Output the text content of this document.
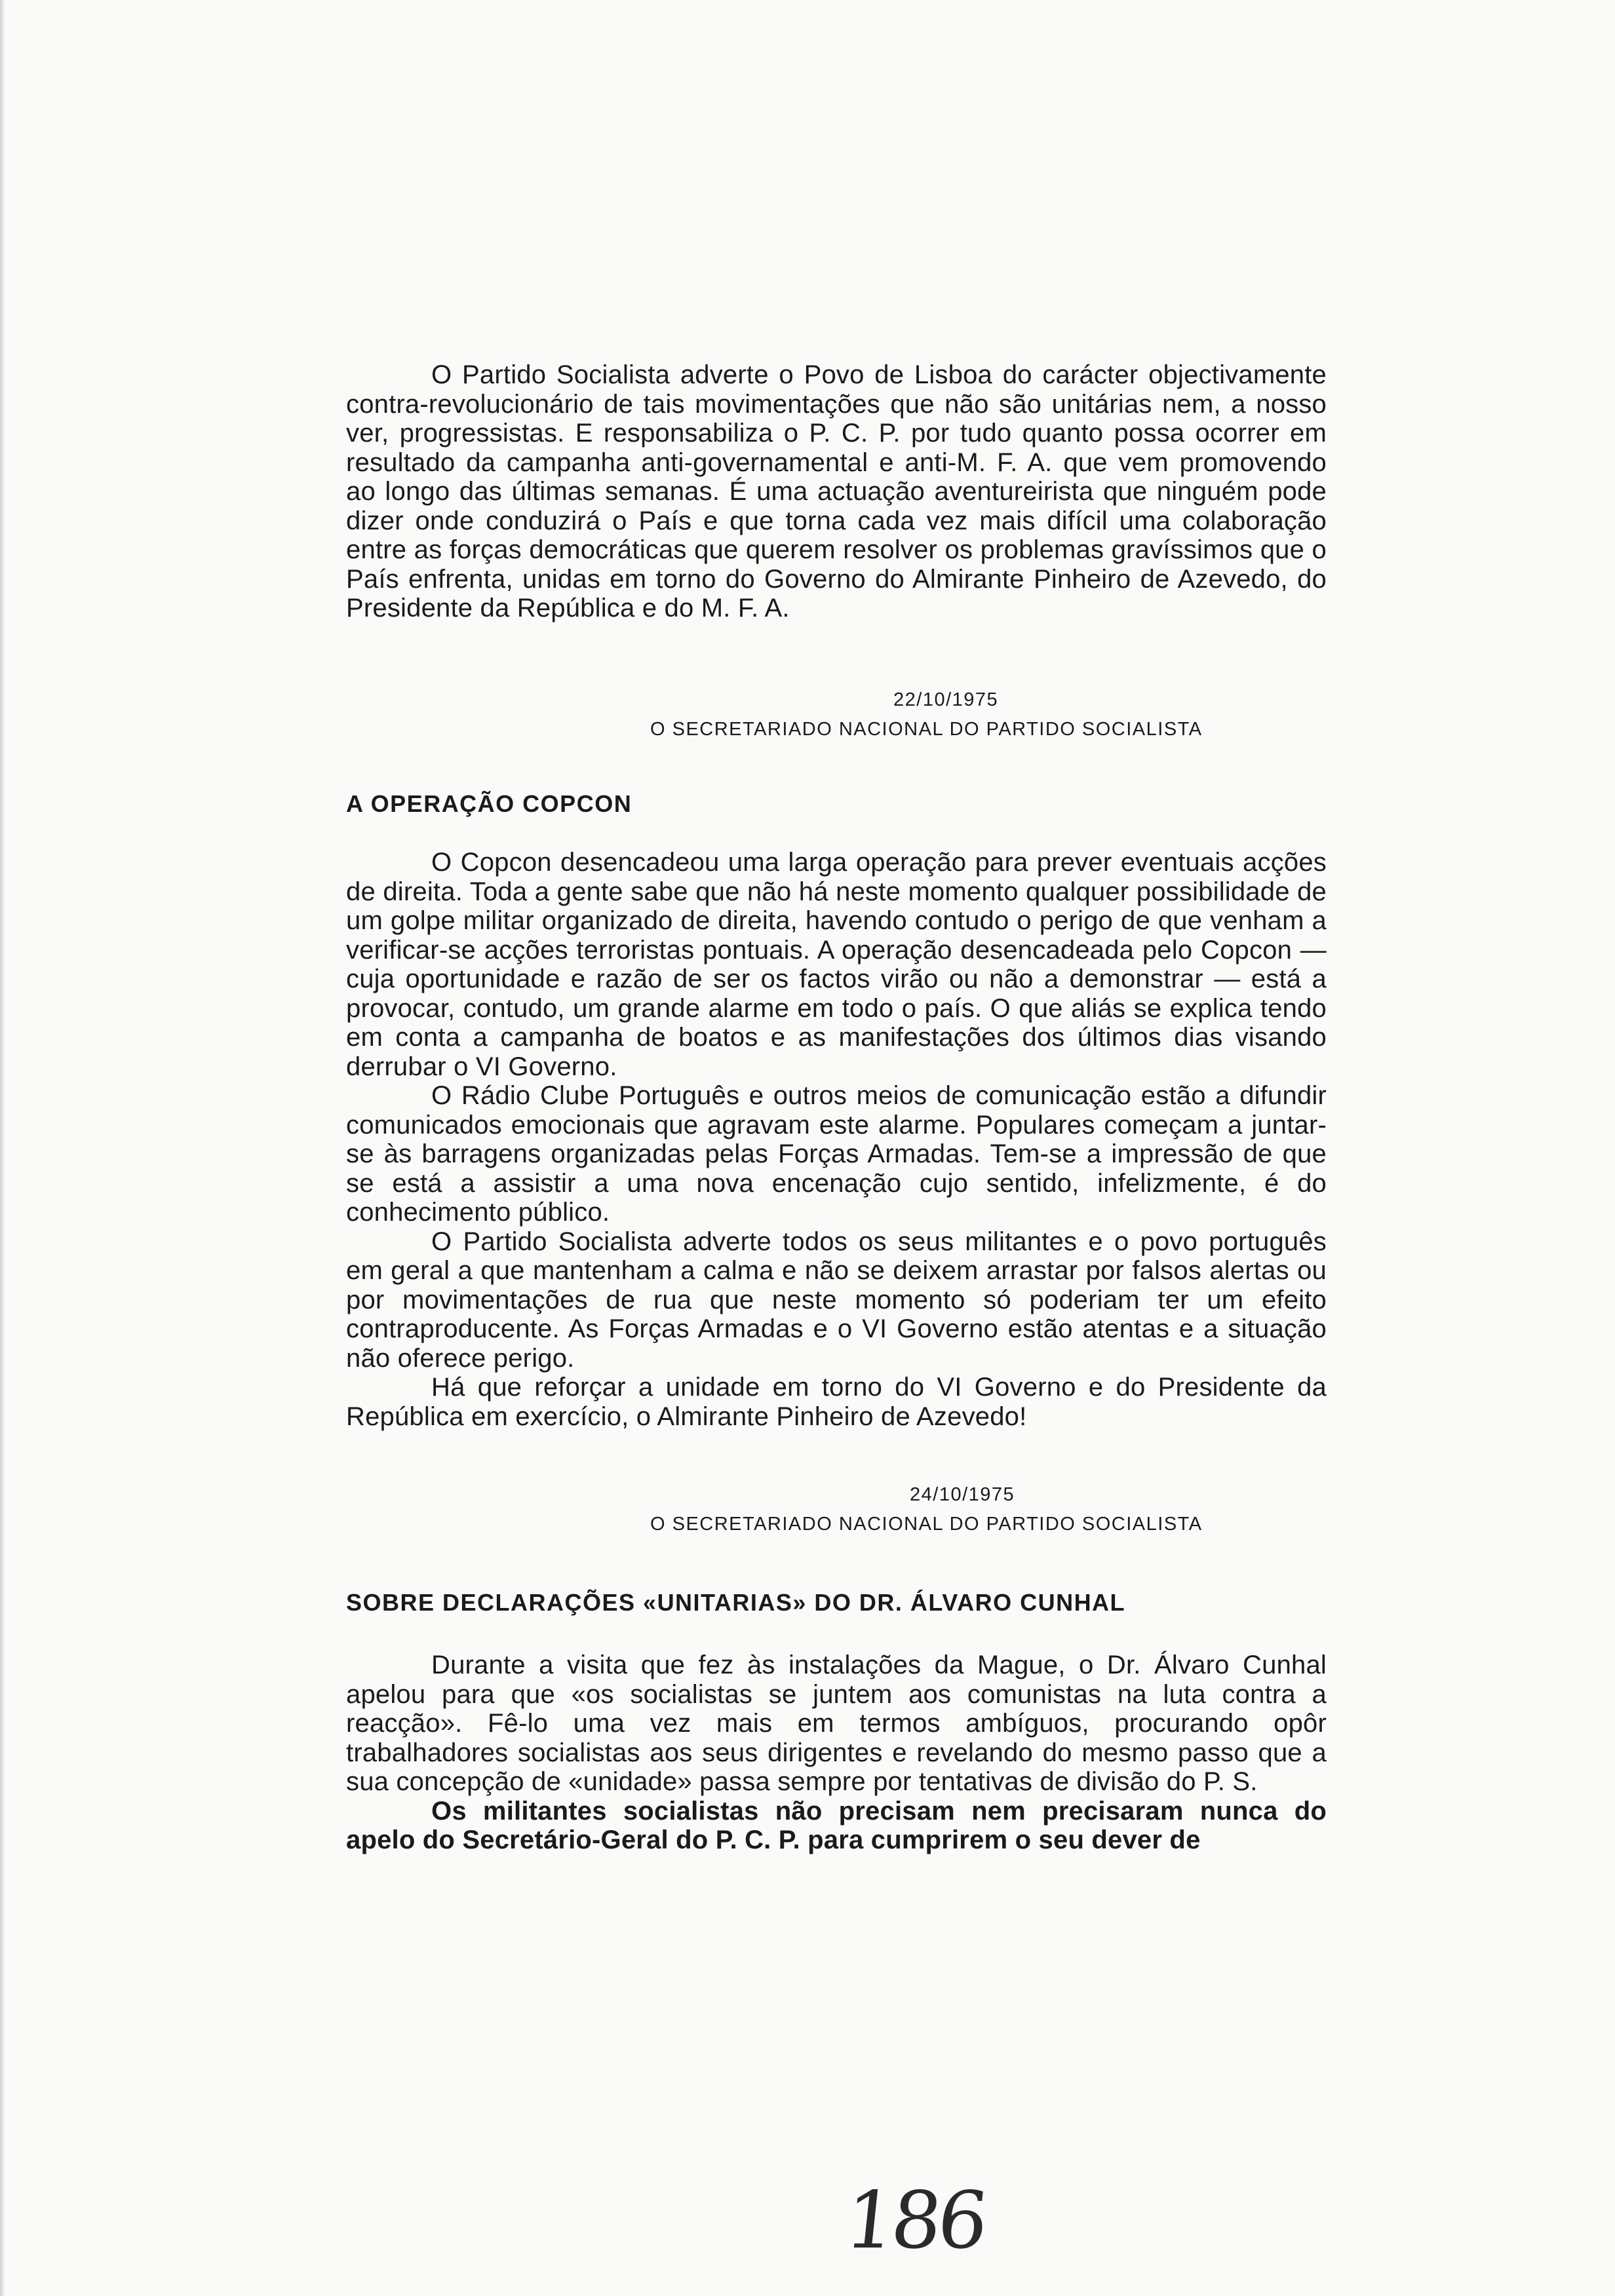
O Partido Socialista adverte o Povo de Lisboa do carácter objectivamente contra-revolucionário de tais movimentações que não são unitárias nem, a nosso ver, progressistas. E responsabiliza o P. C. P. por tudo quanto possa ocorrer em resultado da campanha anti-governamental e anti-M. F. A. que vem promovendo ao longo das últimas semanas. É uma actuação aventureirista que ninguém pode dizer onde conduzirá o País e que torna cada vez mais difícil uma colaboração entre as forças democráticas que querem resolver os problemas gravíssimos que o País enfrenta, unidas em torno do Governo do Almirante Pinheiro de Azevedo, do Presidente da República e do M. F. A.

22/10/1975

O SECRETARIADO NACIONAL DO PARTIDO SOCIALISTA

A OPERAÇÃO COPCON

O Copcon desencadeou uma larga operação para prever eventuais acções de direita. Toda a gente sabe que não há neste momento qualquer possibilidade de um golpe militar organizado de direita, havendo contudo o perigo de que venham a verificar-se acções terroristas pontuais. A operação desencadeada pelo Copcon — cuja oportunidade e razão de ser os factos virão ou não a demonstrar — está a provocar, contudo, um grande alarme em todo o país. O que aliás se explica tendo em conta a campanha de boatos e as manifestações dos últimos dias visando derrubar o VI Governo.

O Rádio Clube Português e outros meios de comunicação estão a difundir comunicados emocionais que agravam este alarme. Populares começam a juntar-se às barragens organizadas pelas Forças Armadas. Tem-se a impressão de que se está a assistir a uma nova encenação cujo sentido, infelizmente, é do conhecimento público.

O Partido Socialista adverte todos os seus militantes e o povo português em geral a que mantenham a calma e não se deixem arrastar por falsos alertas ou por movimentações de rua que neste momento só poderiam ter um efeito contraproducente. As Forças Armadas e o VI Governo estão atentas e a situação não oferece perigo.

Há que reforçar a unidade em torno do VI Governo e do Presidente da República em exercício, o Almirante Pinheiro de Azevedo!

24/10/1975

O SECRETARIADO NACIONAL DO PARTIDO SOCIALISTA

SOBRE DECLARAÇÕES «UNITARIAS» DO DR. ÁLVARO CUNHAL

Durante a visita que fez às instalações da Mague, o Dr. Álvaro Cunhal apelou para que «os socialistas se juntem aos comunistas na luta contra a reacção». Fê-lo uma vez mais em termos ambíguos, procurando opôr trabalhadores socialistas aos seus dirigentes e revelando do mesmo passo que a sua concepção de «unidade» passa sempre por tentativas de divisão do P. S.

Os militantes socialistas não precisam nem precisaram nunca do apelo do Secretário-Geral do P. C. P. para cumprirem o seu dever de

186
